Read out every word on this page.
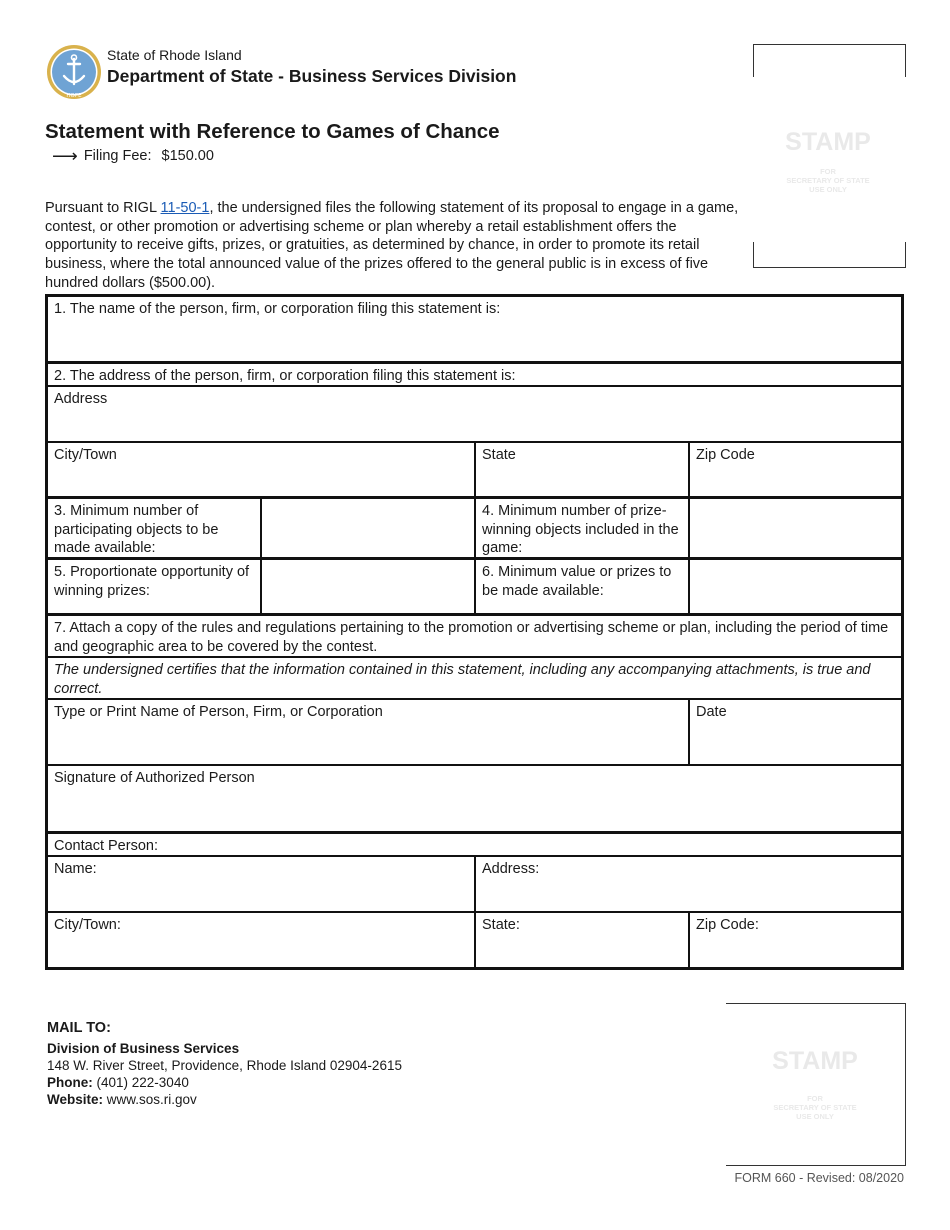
HOPE
State of Rhode Island
Department of State - Business Services Division
Statement with Reference to Games of Chance
⟶ Filing Fee: $150.00
Pursuant to RIGL 11-50-1, the undersigned files the following statement of its proposal to engage in a game, contest, or other promotion or advertising scheme or plan whereby a retail establishment offers the opportunity to receive gifts, prizes, or gratuities, as determined by chance, in order to promote its retail business, where the total announced value of the prizes offered to the general public is in excess of five hundred dollars ($500.00).
STAMP
FOR
SECRETARY OF STATE
USE ONLY
1. The name of the person, firm, or corporation filing this statement is:
2. The address of the person, firm, or corporation filing this statement is:
Address
City/Town	State	Zip Code
3. Minimum number of participating objects to be made available:
4. Minimum number of prize-winning objects included in the game:
5. Proportionate opportunity of winning prizes:
6. Minimum value or prizes to be made available:
7. Attach a copy of the rules and regulations pertaining to the promotion or advertising scheme or plan, including the period of time and geographic area to be covered by the contest.
The undersigned certifies that the information contained in this statement, including any accompanying attachments, is true and correct.
Type or Print Name of Person, Firm, or Corporation	Date
Signature of Authorized Person
Contact Person:
Name:	Address:
City/Town:	State:	Zip Code:
MAIL TO:
Division of Business Services
148 W. River Street, Providence, Rhode Island 02904-2615
Phone: (401) 222-3040
Website: www.sos.ri.gov
STAMP
FOR
SECRETARY OF STATE
USE ONLY
FORM 660 - Revised: 08/2020
